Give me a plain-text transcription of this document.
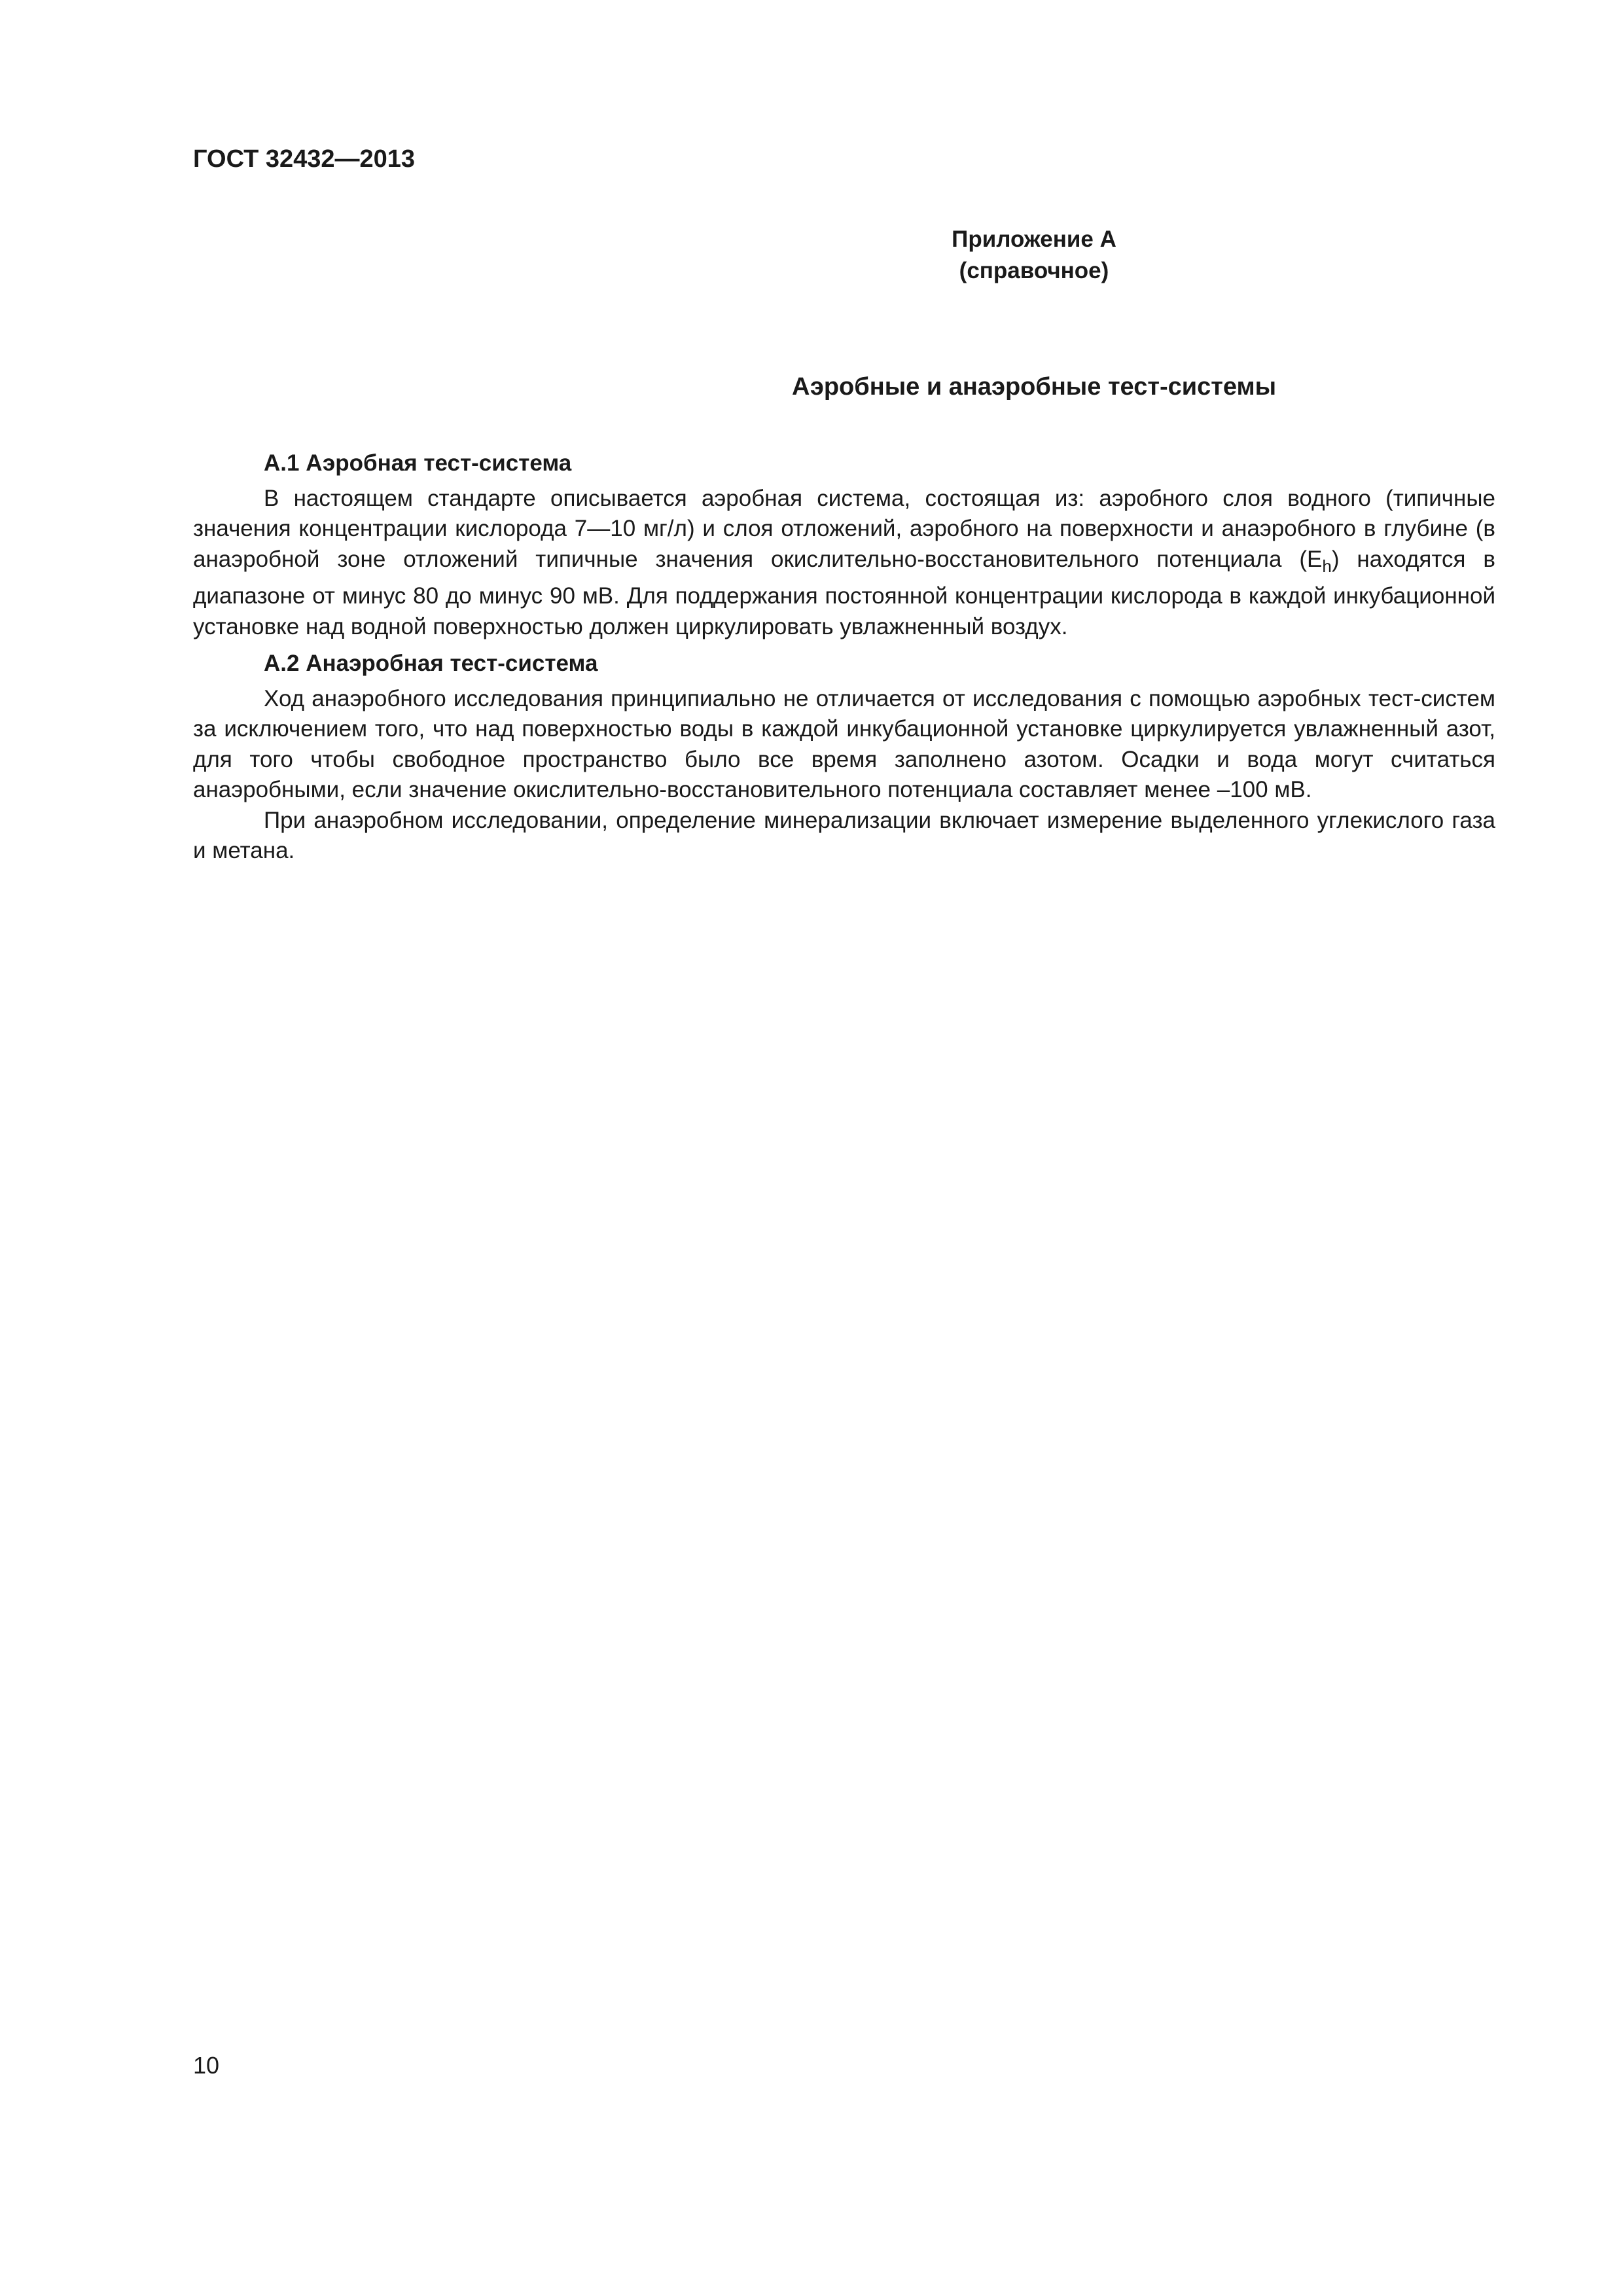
ГОСТ 32432—2013

Приложение А

(справочное)

Аэробные и анаэробные тест-системы

А.1 Аэробная тест-система

В настоящем стандарте описывается аэробная система, состоящая из: аэробного слоя водного (типичные значения концентрации кислорода 7—10 мг/л) и слоя отложений, аэробного на поверхности и анаэробного в глубине (в анаэробной зоне отложений типичные значения окислительно-восстановительного потенциала $(E_h)$ находятся в диапазоне от минус 80 до минус 90 мВ. Для поддержания постоянной концентрации кислорода в каждой инкубационной установке над водной поверхностью должен циркулировать увлажненный воздух.

А.2 Анаэробная тест-система

Ход анаэробного исследования принципиально не отличается от исследования с помощью аэробных тест-систем за исключением того, что над поверхностью воды в каждой инкубационной установке циркулируется увлажненный азот, для того чтобы свободное пространство было все время заполнено азотом. Осадки и вода могут считаться анаэробными, если значение окислительно-восстановительного потенциала составляет менее –100 мВ.

При анаэробном исследовании, определение минерализации включает измерение выделенного углекислого газа и метана.

10
